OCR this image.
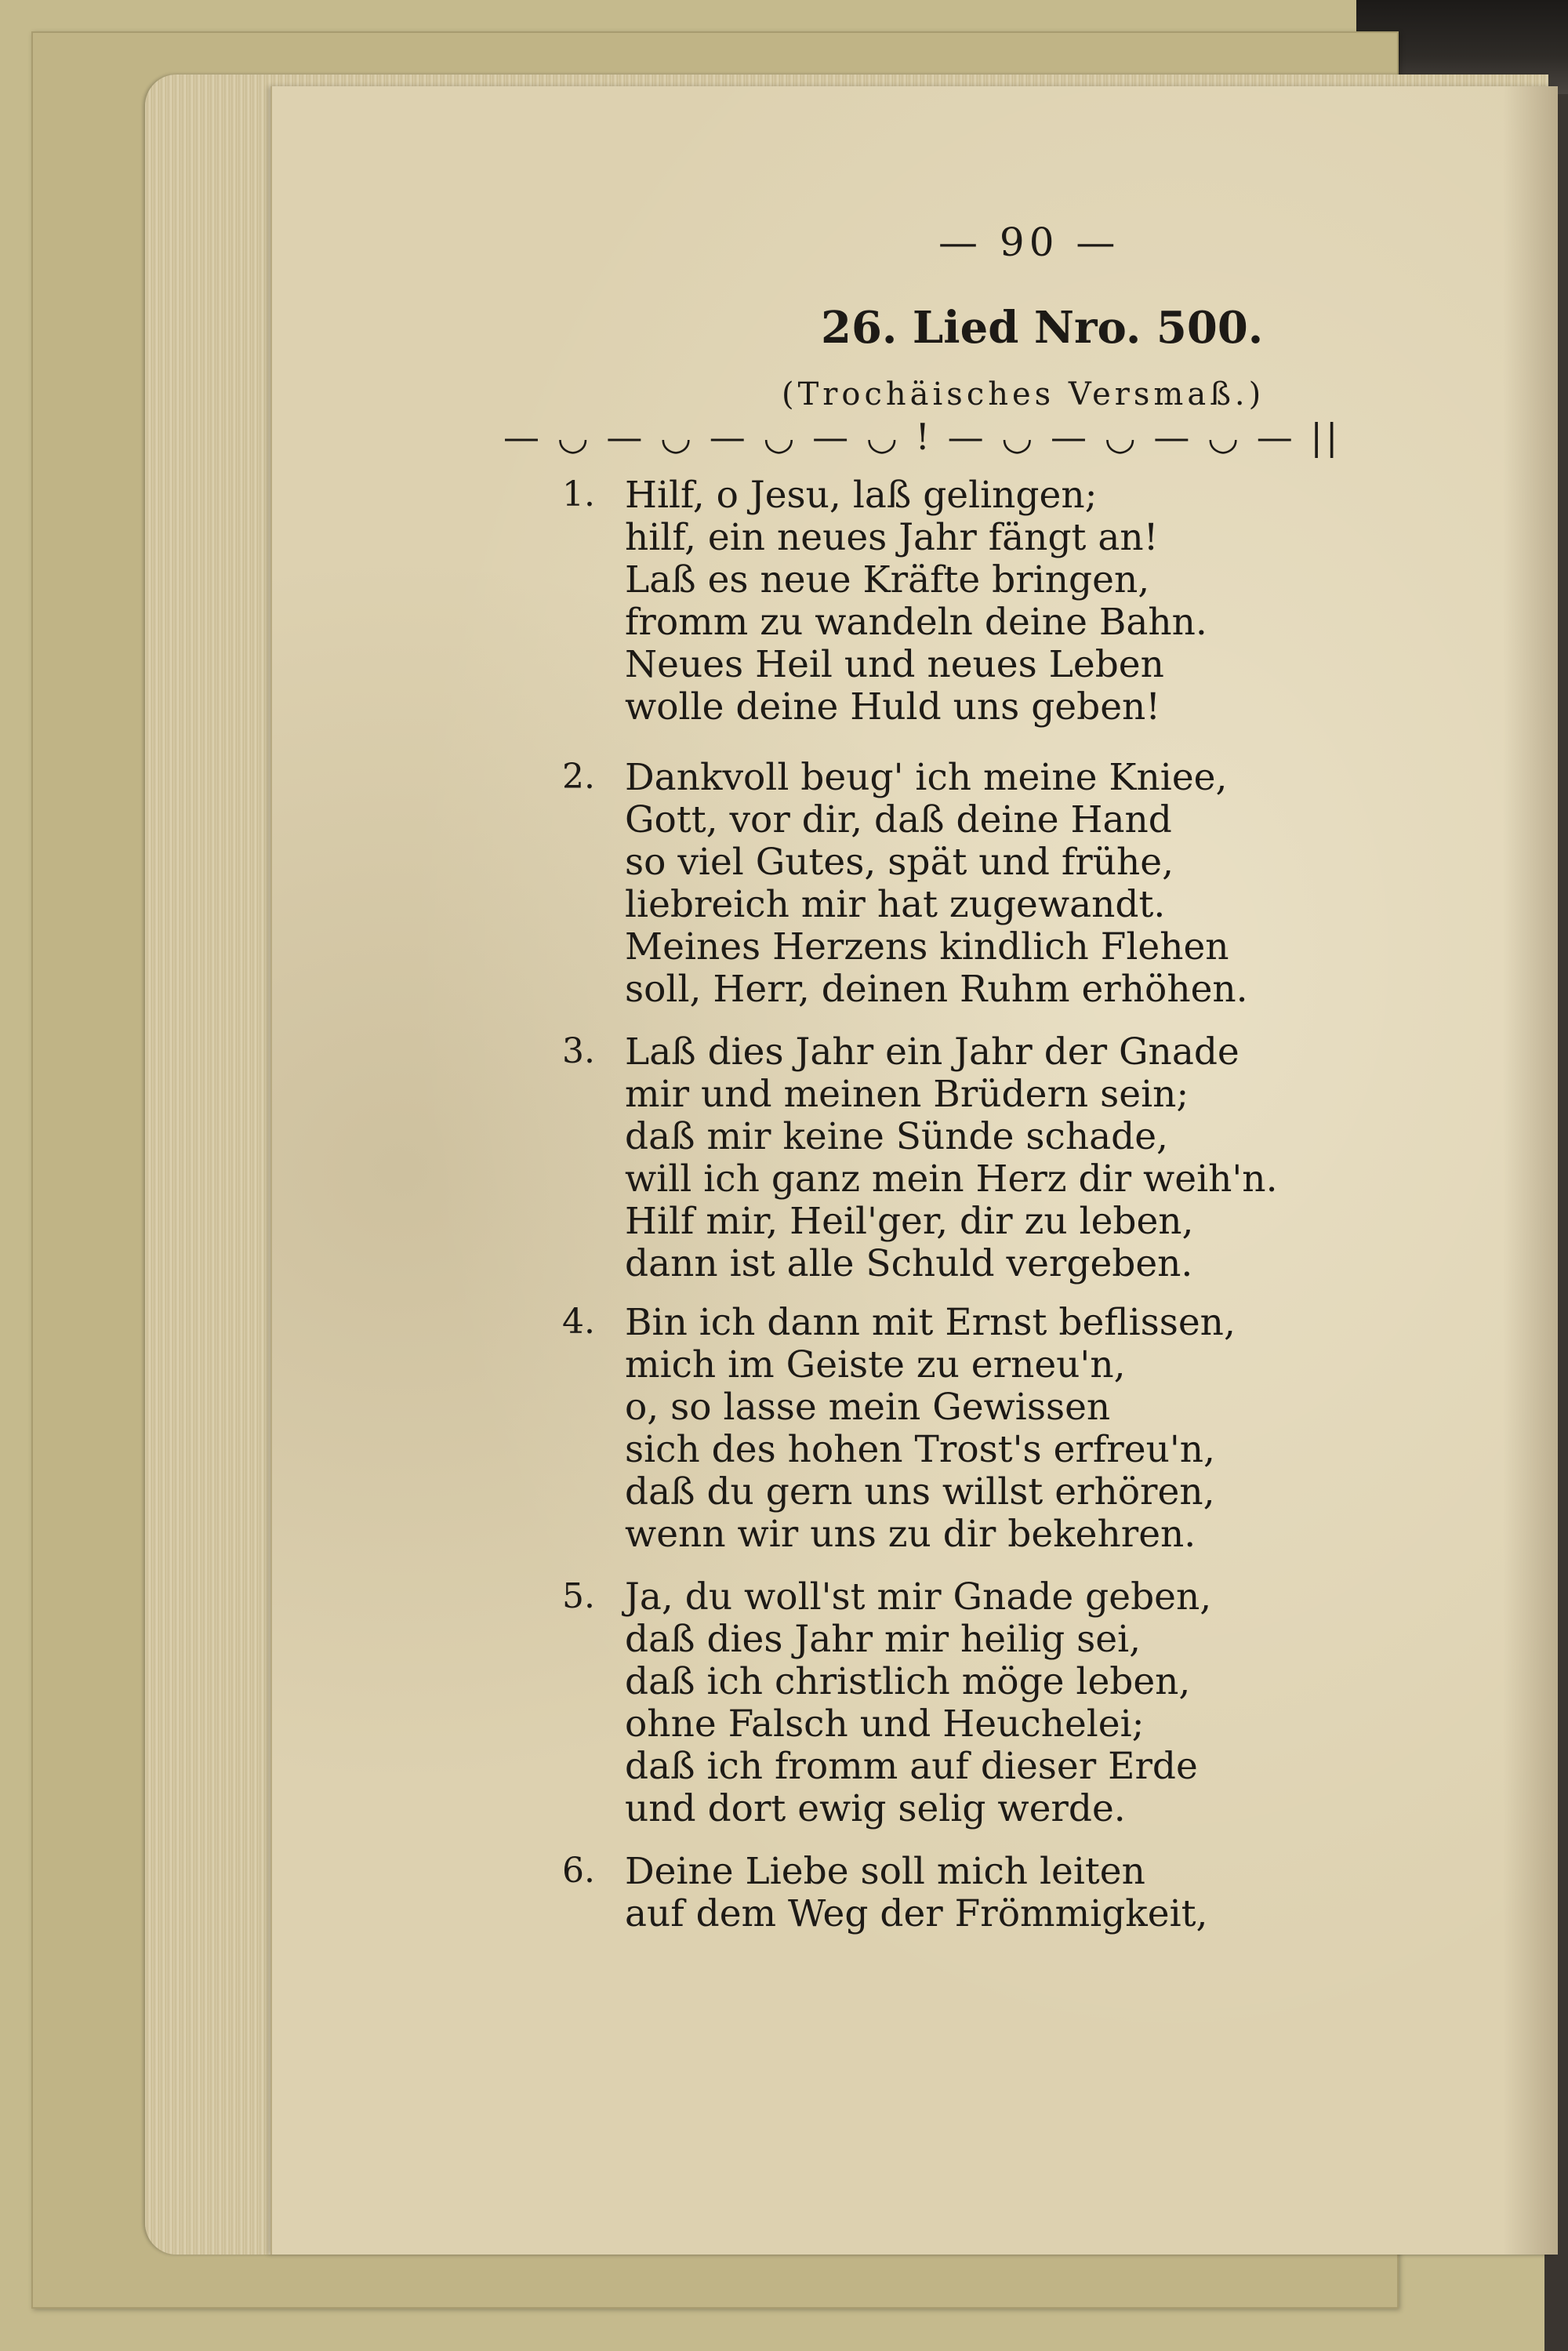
— 90 —
26. Lied Nro. 500.
(Trochäisches Versmaß.)
— ◡ — ◡ — ◡ — ◡ ! — ◡ — ◡ — ◡ — ||
1. Hilf, o Jesu, laß gelingen;
hilf, ein neues Jahr fängt an!
Laß es neue Kräfte bringen,
fromm zu wandeln deine Bahn.
Neues Heil und neues Leben
wolle deine Huld uns geben!
2. Dankvoll beug' ich meine Kniee,
Gott, vor dir, daß deine Hand
so viel Gutes, spät und frühe,
liebreich mir hat zugewandt.
Meines Herzens kindlich Flehen
soll, Herr, deinen Ruhm erhöhen.
3. Laß dies Jahr ein Jahr der Gnade
mir und meinen Brüdern sein;
daß mir keine Sünde schade,
will ich ganz mein Herz dir weih'n.
Hilf mir, Heil'ger, dir zu leben,
dann ist alle Schuld vergeben.
4. Bin ich dann mit Ernst beflissen,
mich im Geiste zu erneu'n,
o, so lasse mein Gewissen
sich des hohen Trost's erfreu'n,
daß du gern uns willst erhören,
wenn wir uns zu dir bekehren.
5. Ja, du woll'st mir Gnade geben,
daß dies Jahr mir heilig sei,
daß ich christlich möge leben,
ohne Falsch und Heuchelei;
daß ich fromm auf dieser Erde
und dort ewig selig werde.
6. Deine Liebe soll mich leiten
auf dem Weg der Frömmigkeit,
